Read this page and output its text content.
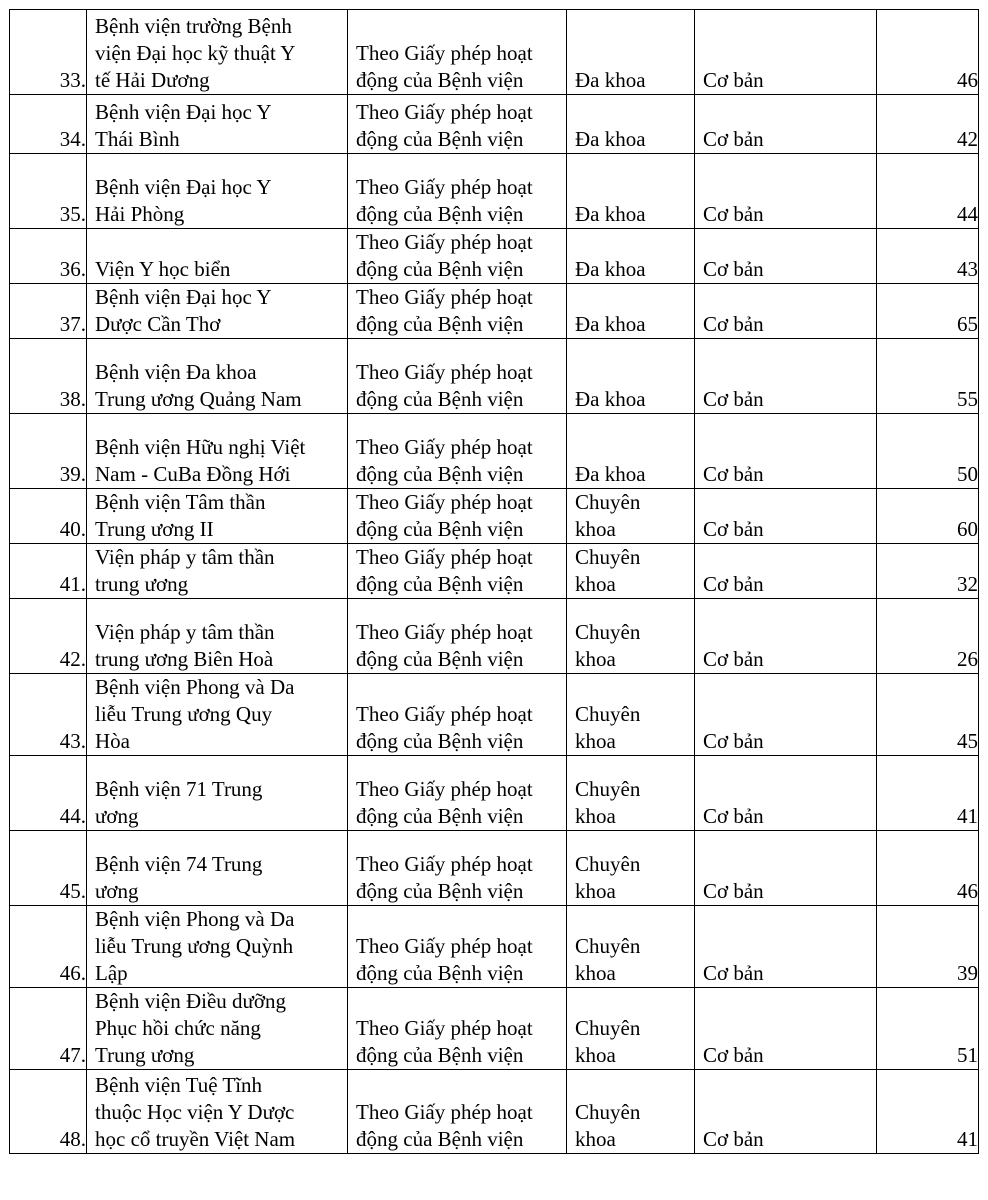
33.	Bệnh viện trường Bệnh
viện Đại học kỹ thuật Y
tế Hải Dương	Theo Giấy phép hoạt
động của Bệnh viện	Đa khoa	Cơ bản	46
34.	Bệnh viện Đại học Y
Thái Bình	Theo Giấy phép hoạt
động của Bệnh viện	Đa khoa	Cơ bản	42
35.	Bệnh viện Đại học Y
Hải Phòng	Theo Giấy phép hoạt
động của Bệnh viện	Đa khoa	Cơ bản	44
36.	Viện Y học biển	Theo Giấy phép hoạt
động của Bệnh viện	Đa khoa	Cơ bản	43
37.	Bệnh viện Đại học Y
Dược Cần Thơ	Theo Giấy phép hoạt
động của Bệnh viện	Đa khoa	Cơ bản	65
38.	Bệnh viện Đa khoa
Trung ương Quảng Nam	Theo Giấy phép hoạt
động của Bệnh viện	Đa khoa	Cơ bản	55
39.	Bệnh viện Hữu nghị Việt
Nam - CuBa Đồng Hới	Theo Giấy phép hoạt
động của Bệnh viện	Đa khoa	Cơ bản	50
40.	Bệnh viện Tâm thần
Trung ương II	Theo Giấy phép hoạt
động của Bệnh viện	Chuyên
khoa	Cơ bản	60
41.	Viện pháp y tâm thần
trung ương	Theo Giấy phép hoạt
động của Bệnh viện	Chuyên
khoa	Cơ bản	32
42.	Viện pháp y tâm thần
trung ương Biên Hoà	Theo Giấy phép hoạt
động của Bệnh viện	Chuyên
khoa	Cơ bản	26
43.	Bệnh viện Phong và Da
liễu Trung ương Quy
Hòa	Theo Giấy phép hoạt
động của Bệnh viện	Chuyên
khoa	Cơ bản	45
44.	Bệnh viện 71 Trung
ương	Theo Giấy phép hoạt
động của Bệnh viện	Chuyên
khoa	Cơ bản	41
45.	Bệnh viện 74 Trung
ương	Theo Giấy phép hoạt
động của Bệnh viện	Chuyên
khoa	Cơ bản	46
46.	Bệnh viện Phong và Da
liễu Trung ương Quỳnh
Lập	Theo Giấy phép hoạt
động của Bệnh viện	Chuyên
khoa	Cơ bản	39
47.	Bệnh viện Điều dưỡng
Phục hồi chức năng
Trung ương	Theo Giấy phép hoạt
động của Bệnh viện	Chuyên
khoa	Cơ bản	51
48.	Bệnh viện Tuệ Tĩnh
thuộc Học viện Y Dược
học cổ truyền Việt Nam	Theo Giấy phép hoạt
động của Bệnh viện	Chuyên
khoa	Cơ bản	41
